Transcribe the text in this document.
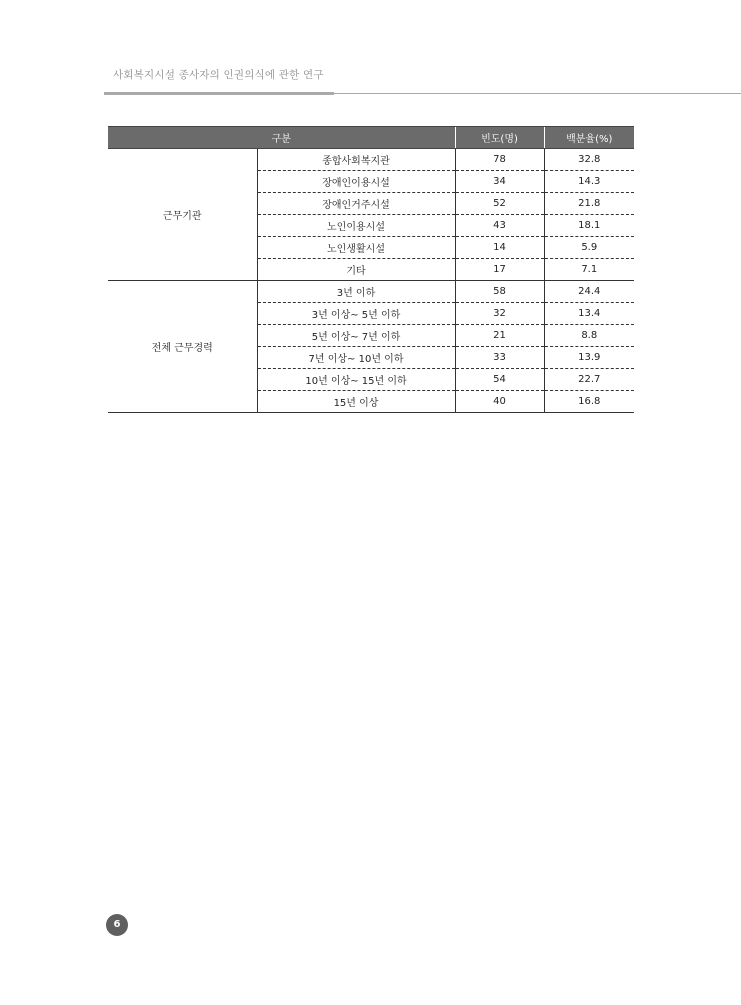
사회복지시설 종사자의 인권의식에 관한 연구
구분		빈도(명)	백분율(%)
근무기관	종합사회복지관	78	32.8
	장애인이용시설	34	14.3
	장애인거주시설	52	21.8
	노인이용시설	43	18.1
	노인생활시설	14	5.9
	기타	17	7.1
전체 근무경력	3년 이하	58	24.4
	3년 이상~ 5년 이하	32	13.4
	5년 이상~ 7년 이하	21	8.8
	7년 이상~ 10년 이하	33	13.9
	10년 이상~ 15년 이하	54	22.7
	15년 이상	40	16.8
6
